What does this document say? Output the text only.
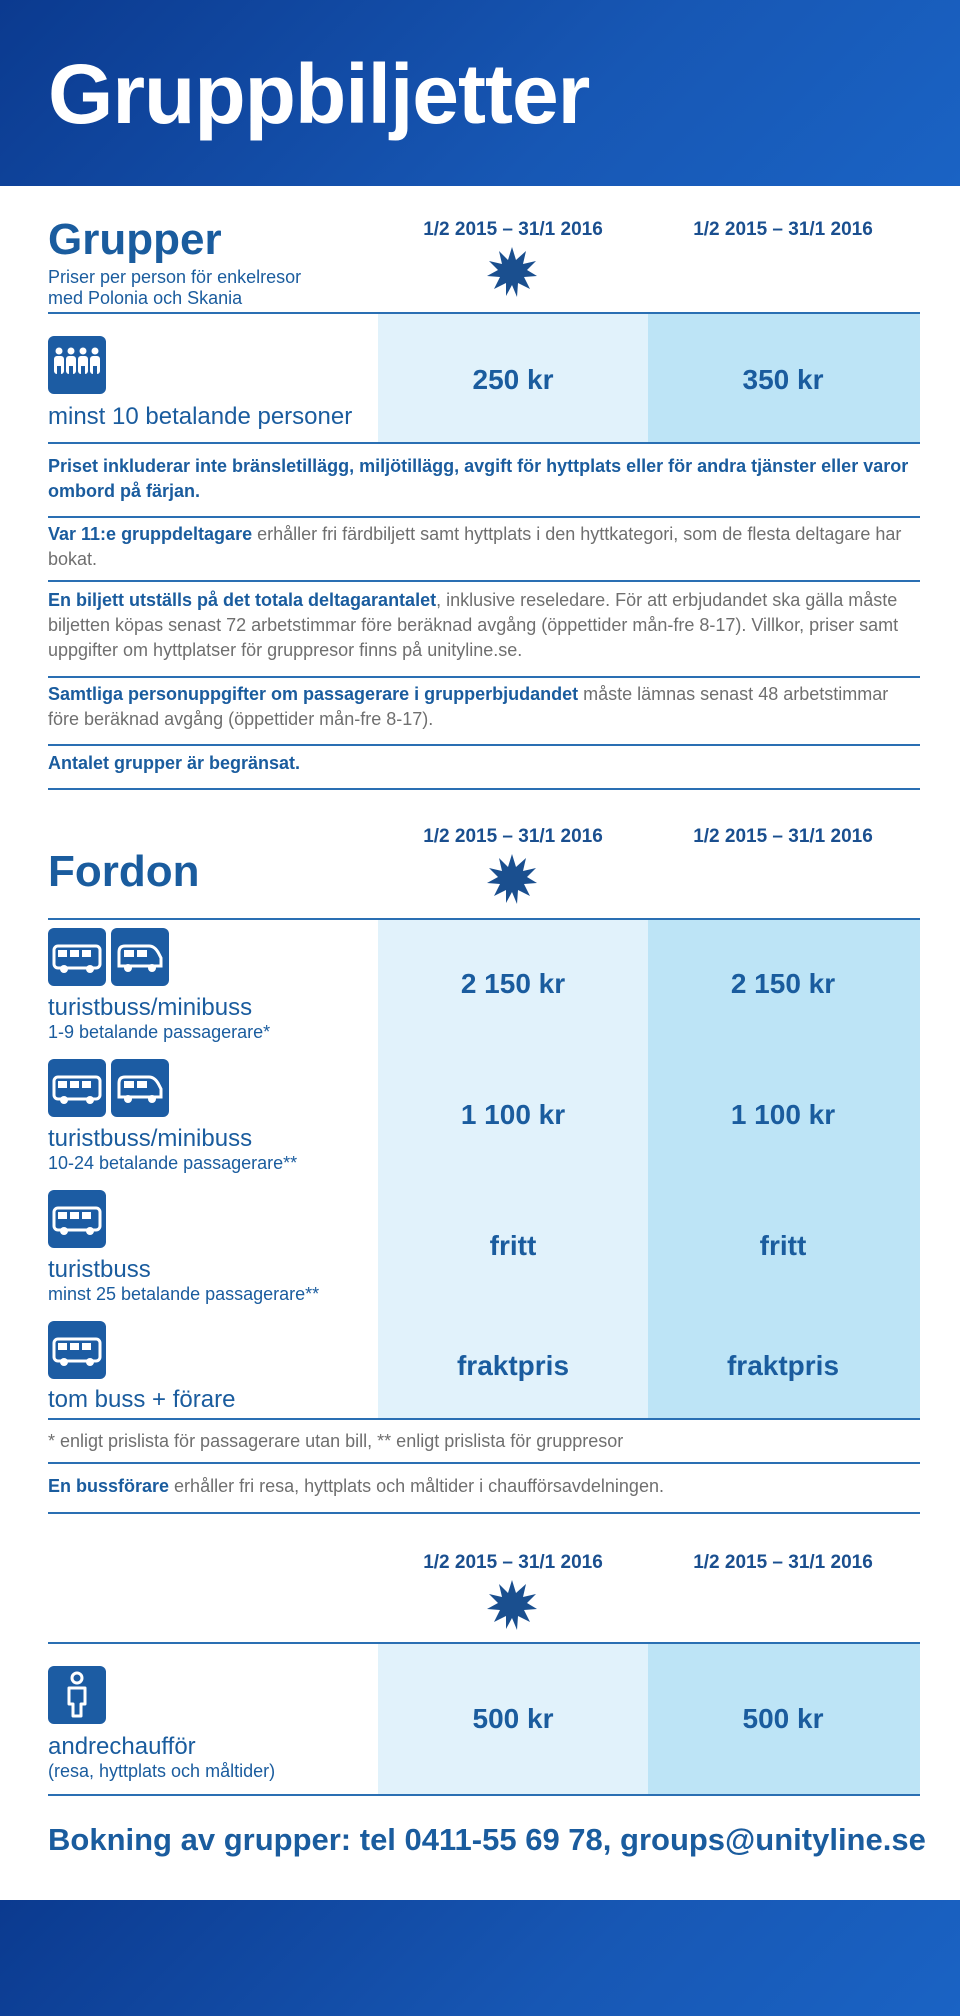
Gruppbiljetter
Grupper
Priser per person för enkelresor
med Polonia och Skania
1/2 2015 – 31/1 2016	1/2 2015 – 31/1 2016
minst 10 betalande personer
250 kr	350 kr
Priset inkluderar inte bränsletillägg, miljötillägg, avgift för hyttplats eller för andra tjänster eller varor ombord på färjan.
Var 11:e gruppdeltagare erhåller fri färdbiljett samt hyttplats i den hyttkategori, som de flesta deltagare har bokat.
En biljett utställs på det totala deltagarantalet, inklusive reseledare. För att erbjudandet ska gälla måste biljetten köpas senast 72 arbetstimmar före beräknad avgång (öppettider mån-fre 8-17). Villkor, priser samt uppgifter om hyttplatser för gruppresor finns på unityline.se.
Samtliga personuppgifter om passagerare i grupperbjudandet måste lämnas senast 48 arbetstimmar före beräknad avgång (öppettider mån-fre 8-17).
Antalet grupper är begränsat.
1/2 2015 – 31/1 2016	1/2 2015 – 31/1 2016
Fordon
turistbuss/minibuss
1-9 betalande passagerare*
2 150 kr	2 150 kr
turistbuss/minibuss
10-24 betalande passagerare**
1 100 kr	1 100 kr
turistbuss
minst 25 betalande passagerare**
fritt	fritt
tom buss + förare
fraktpris	fraktpris
* enligt prislista för passagerare utan bill, ** enligt prislista för gruppresor
En bussförare erhåller fri resa, hyttplats och måltider i chaufförsavdelningen.
1/2 2015 – 31/1 2016	1/2 2015 – 31/1 2016
andrechaufför
(resa, hyttplats och måltider)
500 kr	500 kr
Bokning av grupper: tel 0411-55 69 78, groups@unityline.se
